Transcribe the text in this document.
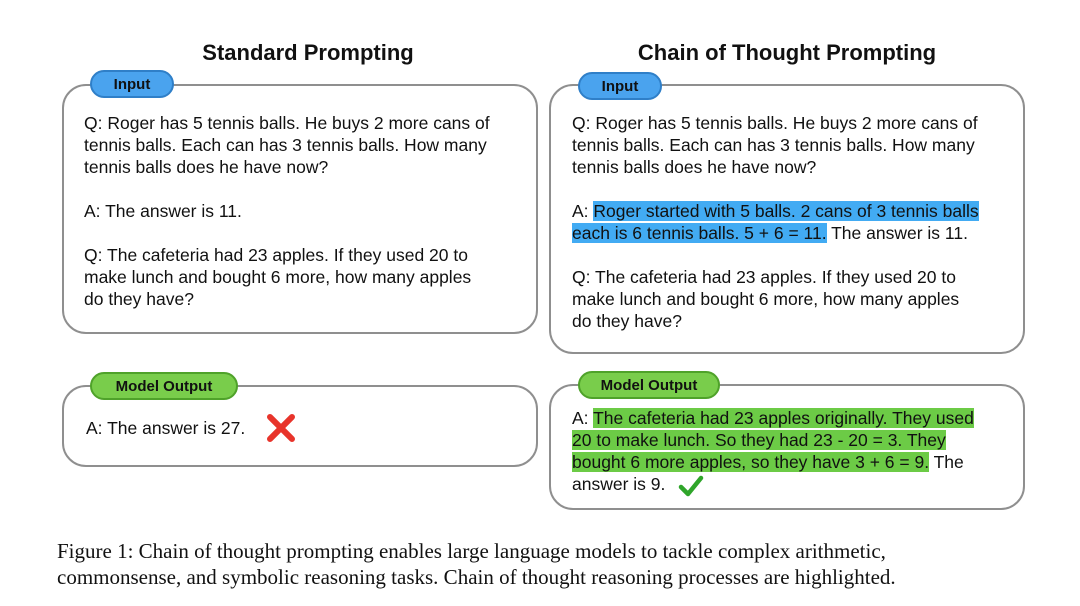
Standard Prompting	Chain of Thought Prompting
Input
Q: Roger has 5 tennis balls. He buys 2 more cans of
tennis balls. Each can has 3 tennis balls. How many
tennis balls does he have now?
A: The answer is 11.
Q: The cafeteria had 23 apples. If they used 20 to
make lunch and bought 6 more, how many apples
do they have?
Model Output
A: The answer is 27.
Input
Q: Roger has 5 tennis balls. He buys 2 more cans of
tennis balls. Each can has 3 tennis balls. How many
tennis balls does he have now?
A: Roger started with 5 balls. 2 cans of 3 tennis balls
each is 6 tennis balls. 5 + 6 = 11. The answer is 11.
Q: The cafeteria had 23 apples. If they used 20 to
make lunch and bought 6 more, how many apples
do they have?
Model Output
A: The cafeteria had 23 apples originally. They used
20 to make lunch. So they had 23 - 20 = 3. They
bought 6 more apples, so they have 3 + 6 = 9. The
answer is 9.
Figure 1: Chain of thought prompting enables large language models to tackle complex arithmetic,
commonsense, and symbolic reasoning tasks. Chain of thought reasoning processes are highlighted.
